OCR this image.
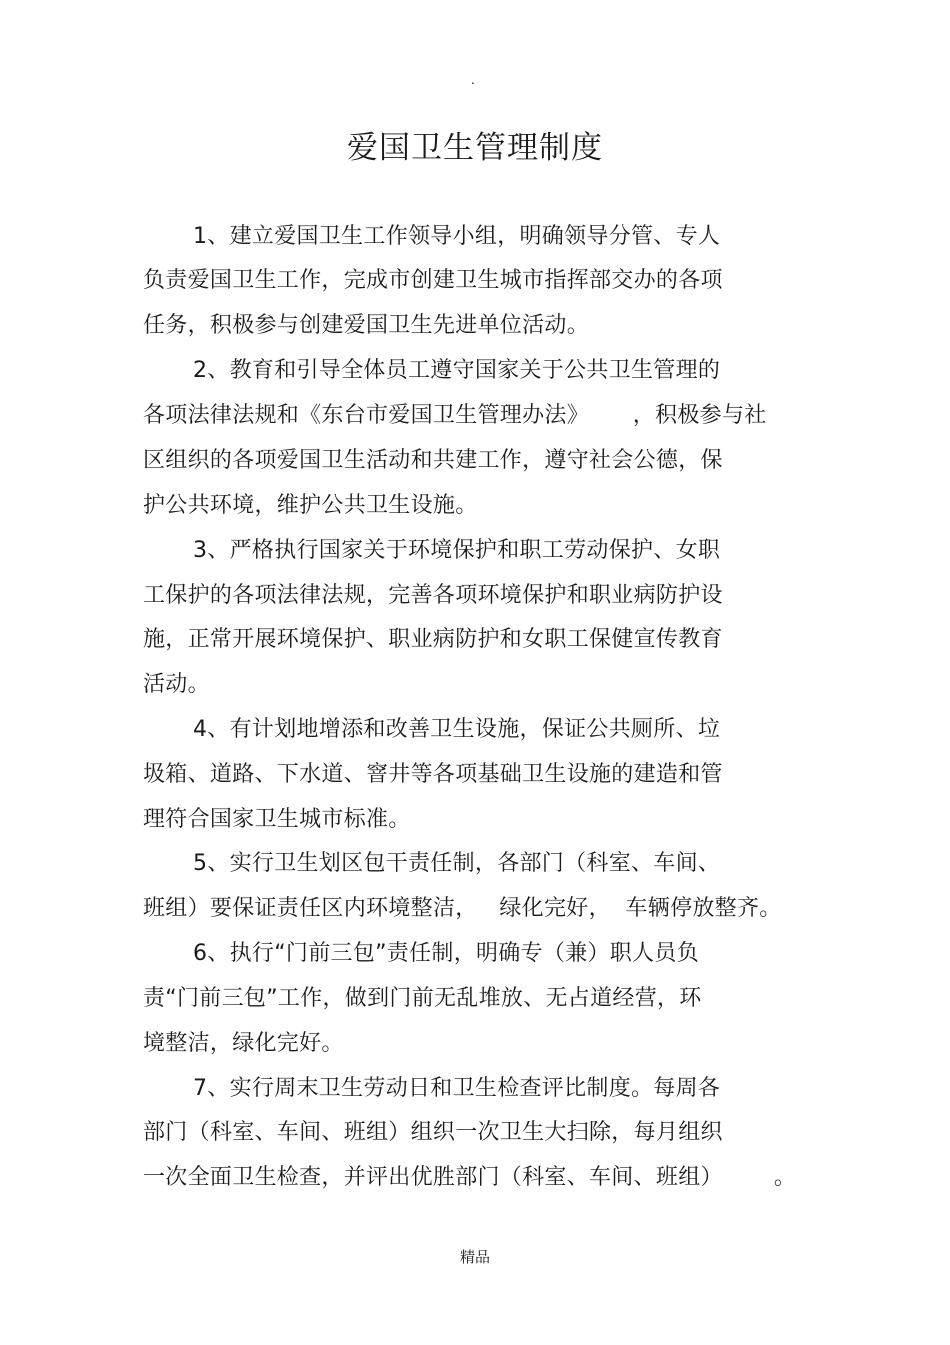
.
爱国卫生管理制度
1、建立爱国卫生工作领导小组，明确领导分管、专人
负责爱国卫生工作，完成市创建卫生城市指挥部交办的各项
任务，积极参与创建爱国卫生先进单位活动。
2、教育和引导全体员工遵守国家关于公共卫生管理的
各项法律法规和《东台市爱国卫生管理办法》      ，积极参与社
区组织的各项爱国卫生活动和共建工作，遵守社会公德，保
护公共环境，维护公共卫生设施。
3、严格执行国家关于环境保护和职工劳动保护、女职
工保护的各项法律法规，完善各项环境保护和职业病防护设
施，正常开展环境保护、职业病防护和女职工保健宣传教育
活动。
4、有计划地增添和改善卫生设施，保证公共厕所、垃
圾箱、道路、下水道、窨井等各项基础卫生设施的建造和管
理符合国家卫生城市标准。
5、实行卫生划区包干责任制，各部门（科室、车间、
班组）要保证责任区内环境整洁，   绿化完好，  车辆停放整齐。
6、执行“门前三包”责任制，明确专（兼）职人员负
责“门前三包”工作，做到门前无乱堆放、无占道经营，环
境整洁，绿化完好。
7、实行周末卫生劳动日和卫生检查评比制度。每周各
部门（科室、车间、班组）组织一次卫生大扫除，每月组织
一次全面卫生检查，并评出优胜部门（科室、车间、班组）       。
精品
